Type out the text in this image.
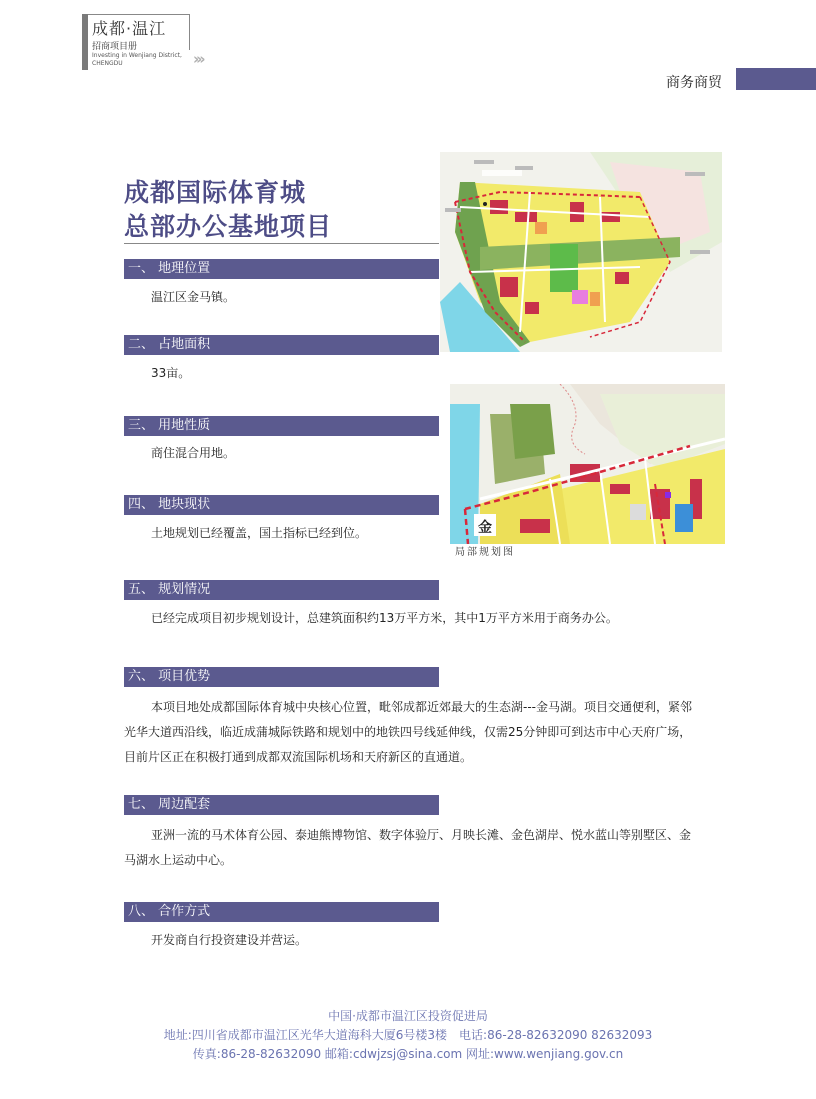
成都·温江
招商项目册
Investing in Wenjiang District, CHENGDU	›››
商务商贸
成都国际体育城
总部办公基地项目
一、 地理位置
温江区金马镇。
二、 占地面积
33亩。
三、 用地性质
商住混合用地。
四、 地块现状
土地规划已经覆盖，国土指标已经到位。
五、 规划情况
已经完成项目初步规划设计，总建筑面积约13万平方米，其中1万平方米用于商务办公。
六、 项目优势
本项目地处成都国际体育城中央核心位置，毗邻成都近郊最大的生态湖---金马湖。项目交通便利，紧邻光华大道西沿线，临近成蒲城际铁路和规划中的地铁四号线延伸线，仅需25分钟即可到达市中心天府广场，目前片区正在积极打通到成都双流国际机场和天府新区的直通道。
七、 周边配套
亚洲一流的马术体育公园、泰迪熊博物馆、数字体验厅、月映长滩、金色湖岸、悦水蓝山等别墅区、金马湖水上运动中心。
八、 合作方式
开发商自行投资建设并营运。
金
局部规划图
中国·成都市温江区投资促进局
地址:四川省成都市温江区光华大道海科大厦6号楼3楼　电话:86-28-82632090 82632093
传真:86-28-82632090 邮箱:cdwjzsj@sina.com 网址:www.wenjiang.gov.cn
